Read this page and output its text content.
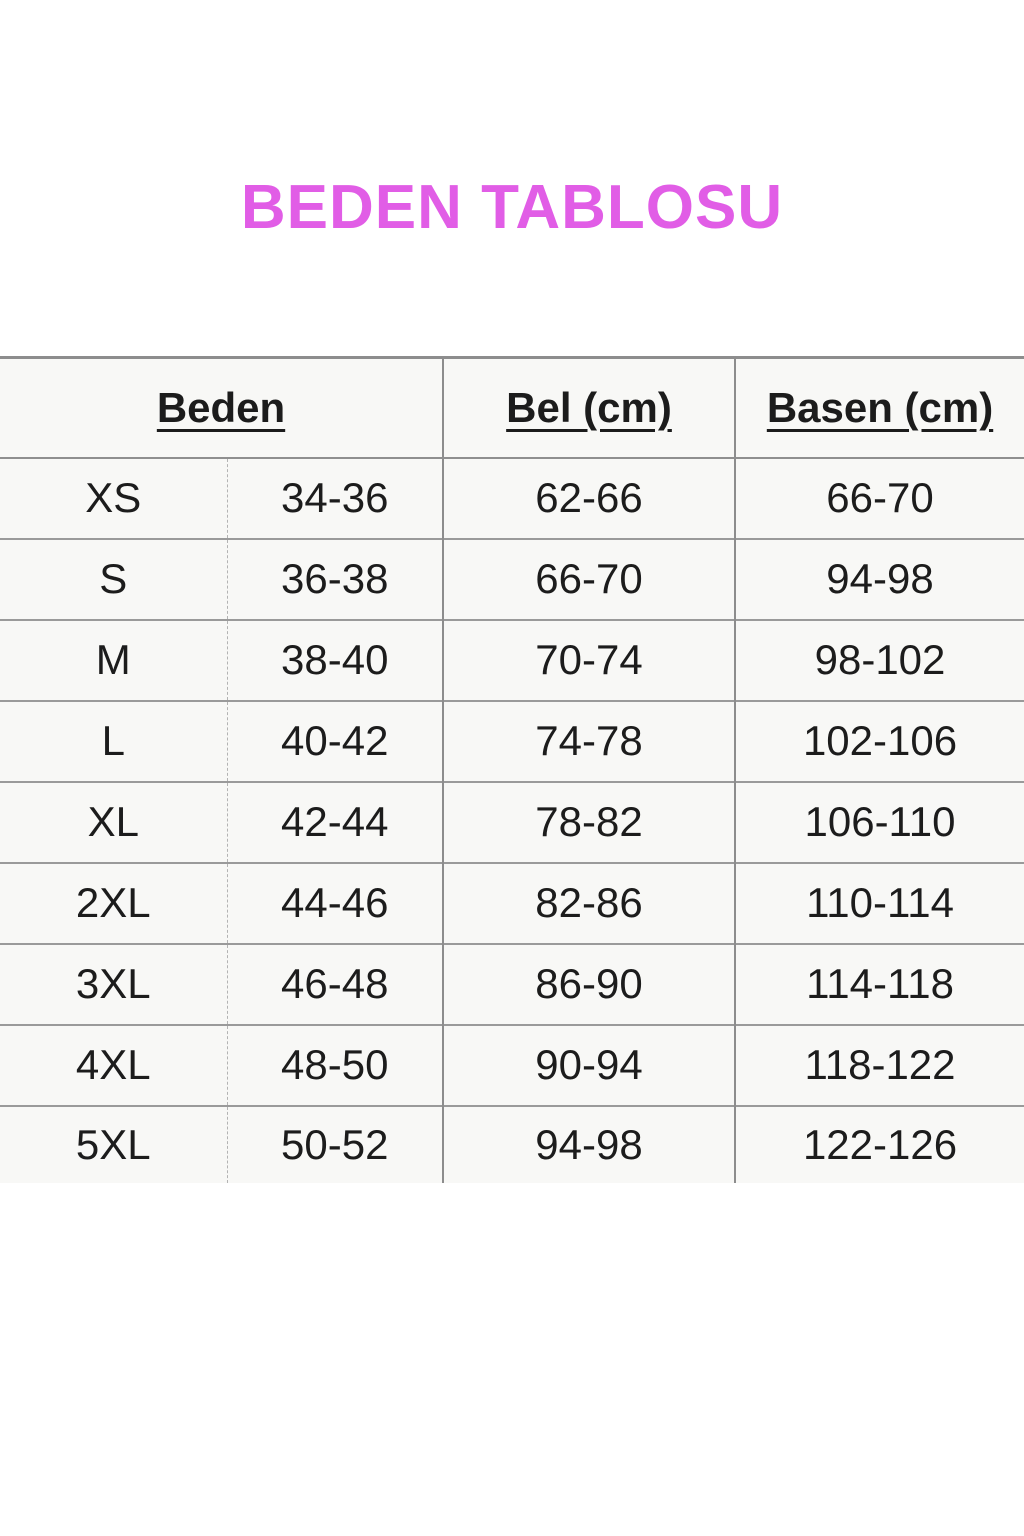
BEDEN TABLOSU
Beden		Bel (cm)	Basen (cm)
XS	34-36	62-66	66-70
S	36-38	66-70	94-98
M	38-40	70-74	98-102
L	40-42	74-78	102-106
XL	42-44	78-82	106-110
2XL	44-46	82-86	110-114
3XL	46-48	86-90	114-118
4XL	48-50	90-94	118-122
5XL	50-52	94-98	122-126
